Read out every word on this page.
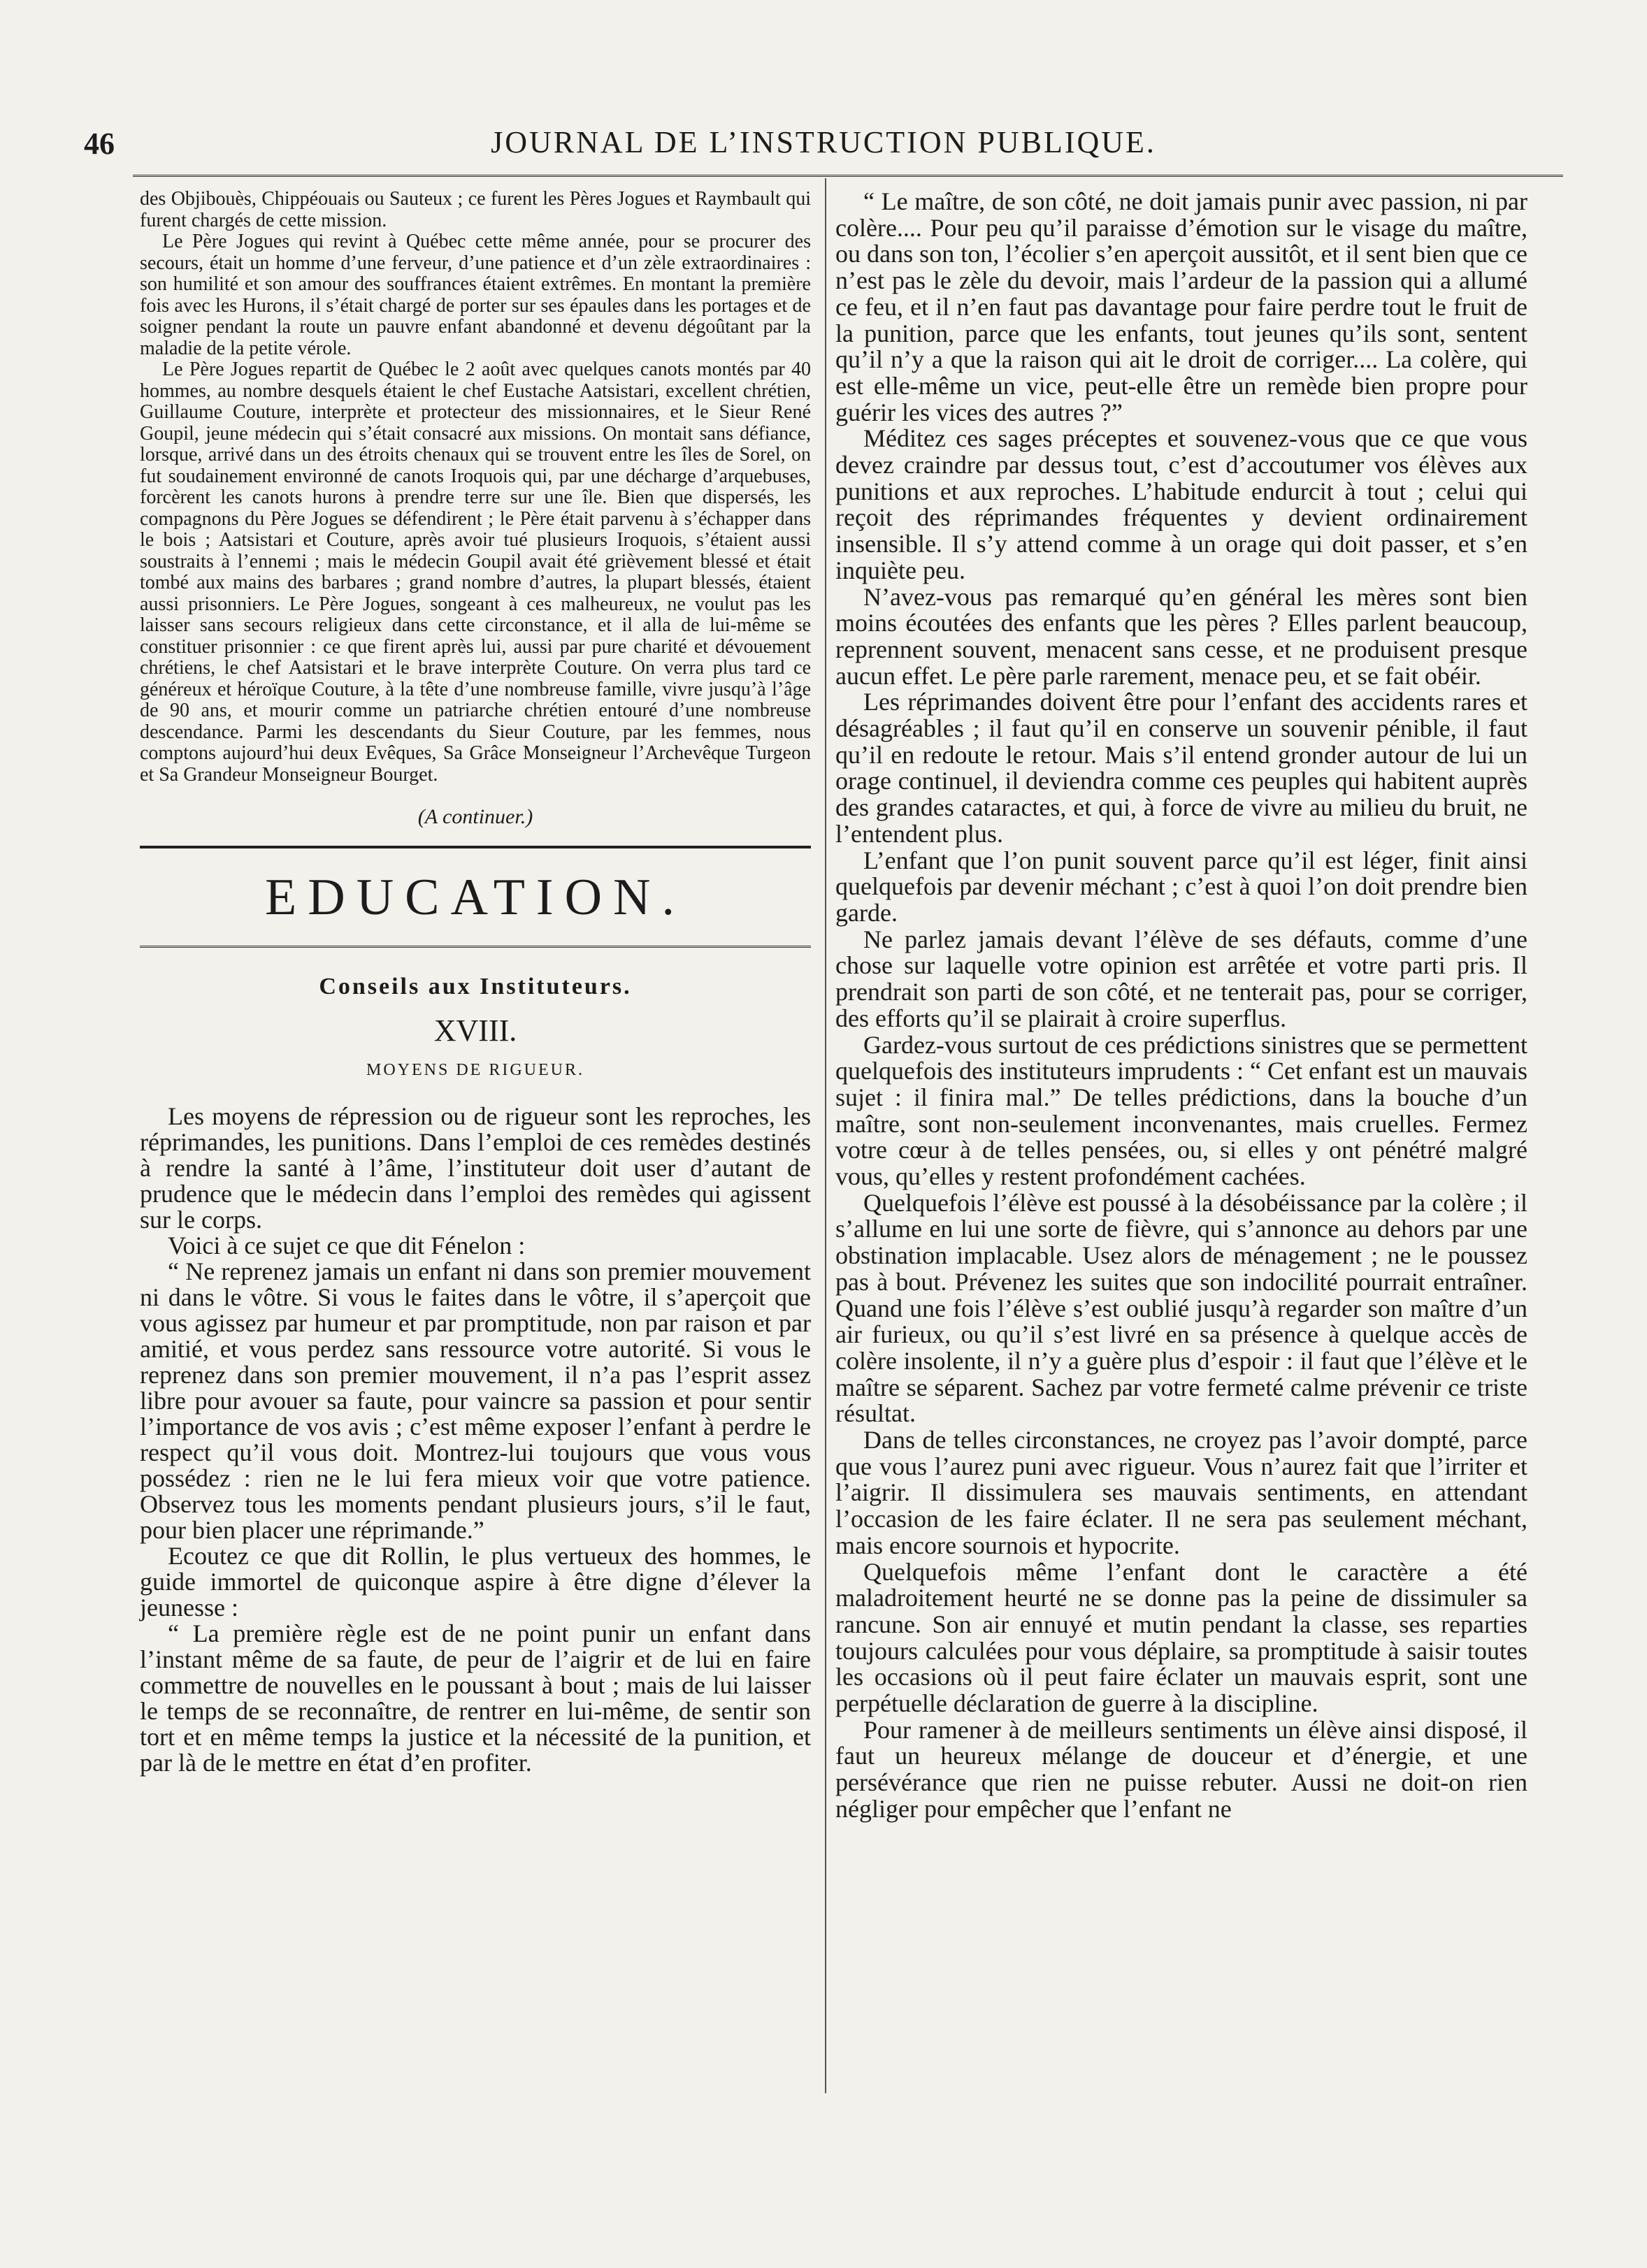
46	JOURNAL DE L’INSTRUCTION PUBLIQUE.

des Objibouès, Chippéouais ou Sauteux ; ce furent les Pères Jogues et Raymbault qui furent chargés de cette mission.

Le Père Jogues qui revint à Québec cette même année, pour se procurer des secours, était un homme d’une ferveur, d’une patience et d’un zèle extraordinaires : son humilité et son amour des souffrances étaient extrêmes. En montant la première fois avec les Hurons, il s’était chargé de porter sur ses épaules dans les portages et de soigner pendant la route un pauvre enfant abandonné et devenu dégoûtant par la maladie de la petite vérole.

Le Père Jogues repartit de Québec le 2 août avec quelques canots montés par 40 hommes, au nombre desquels étaient le chef Eustache Aatsistari, excellent chrétien, Guillaume Couture, interprète et protecteur des missionnaires, et le Sieur René Goupil, jeune médecin qui s’était consacré aux missions. On montait sans défiance, lorsque, arrivé dans un des étroits chenaux qui se trouvent entre les îles de Sorel, on fut soudainement environné de canots Iroquois qui, par une décharge d’arquebuses, forcèrent les canots hurons à prendre terre sur une île. Bien que dispersés, les compagnons du Père Jogues se défendirent ; le Père était parvenu à s’échapper dans le bois ; Aatsistari et Couture, après avoir tué plusieurs Iroquois, s’étaient aussi soustraits à l’ennemi ; mais le médecin Goupil avait été grièvement blessé et était tombé aux mains des barbares ; grand nombre d’autres, la plupart blessés, étaient aussi prisonniers. Le Père Jogues, songeant à ces malheureux, ne voulut pas les laisser sans secours religieux dans cette circonstance, et il alla de lui-même se constituer prisonnier : ce que firent après lui, aussi par pure charité et dévouement chrétiens, le chef Aatsistari et le brave interprète Couture. On verra plus tard ce généreux et héroïque Couture, à la tête d’une nombreuse famille, vivre jusqu’à l’âge de 90 ans, et mourir comme un patriarche chrétien entouré d’une nombreuse descendance. Parmi les descendants du Sieur Couture, par les femmes, nous comptons aujourd’hui deux Evêques, Sa Grâce Monseigneur l’Archevêque Turgeon et Sa Grandeur Monseigneur Bourget.

(A continuer.)
EDUCATION.
Conseils aux Instituteurs.
XVIII.
MOYENS DE RIGUEUR.

Les moyens de répression ou de rigueur sont les reproches, les réprimandes, les punitions. Dans l’emploi de ces remèdes destinés à rendre la santé à l’âme, l’instituteur doit user d’autant de prudence que le médecin dans l’emploi des remèdes qui agissent sur le corps.

Voici à ce sujet ce que dit Fénelon :

“ Ne reprenez jamais un enfant ni dans son premier mouvement ni dans le vôtre. Si vous le faites dans le vôtre, il s’aperçoit que vous agissez par humeur et par promptitude, non par raison et par amitié, et vous perdez sans ressource votre autorité. Si vous le reprenez dans son premier mouvement, il n’a pas l’esprit assez libre pour avouer sa faute, pour vaincre sa passion et pour sentir l’importance de vos avis ; c’est même exposer l’enfant à perdre le respect qu’il vous doit. Montrez-lui toujours que vous vous possédez : rien ne le lui fera mieux voir que votre patience. Observez tous les moments pendant plusieurs jours, s’il le faut, pour bien placer une réprimande.”

Ecoutez ce que dit Rollin, le plus vertueux des hommes, le guide immortel de quiconque aspire à être digne d’élever la jeunesse :

“ La première règle est de ne point punir un enfant dans l’instant même de sa faute, de peur de l’aigrir et de lui en faire commettre de nouvelles en le poussant à bout ; mais de lui laisser le temps de se reconnaître, de rentrer en lui-même, de sentir son tort et en même temps la justice et la nécessité de la punition, et par là de le mettre en état d’en profiter.

“ Le maître, de son côté, ne doit jamais punir avec passion, ni par colère.... Pour peu qu’il paraisse d’émotion sur le visage du maître, ou dans son ton, l’écolier s’en aperçoit aussitôt, et il sent bien que ce n’est pas le zèle du devoir, mais l’ardeur de la passion qui a allumé ce feu, et il n’en faut pas davantage pour faire perdre tout le fruit de la punition, parce que les enfants, tout jeunes qu’ils sont, sentent qu’il n’y a que la raison qui ait le droit de corriger.... La colère, qui est elle-même un vice, peut-elle être un remède bien propre pour guérir les vices des autres ?”

Méditez ces sages préceptes et souvenez-vous que ce que vous devez craindre par dessus tout, c’est d’accoutumer vos élèves aux punitions et aux reproches. L’habitude endurcit à tout ; celui qui reçoit des réprimandes fréquentes y devient ordinairement insensible. Il s’y attend comme à un orage qui doit passer, et s’en inquiète peu.

N’avez-vous pas remarqué qu’en général les mères sont bien moins écoutées des enfants que les pères ? Elles parlent beaucoup, reprennent souvent, menacent sans cesse, et ne produisent presque aucun effet. Le père parle rarement, menace peu, et se fait obéir.

Les réprimandes doivent être pour l’enfant des accidents rares et désagréables ; il faut qu’il en conserve un souvenir pénible, il faut qu’il en redoute le retour. Mais s’il entend gronder autour de lui un orage continuel, il deviendra comme ces peuples qui habitent auprès des grandes cataractes, et qui, à force de vivre au milieu du bruit, ne l’entendent plus.

L’enfant que l’on punit souvent parce qu’il est léger, finit ainsi quelquefois par devenir méchant ; c’est à quoi l’on doit prendre bien garde.

Ne parlez jamais devant l’élève de ses défauts, comme d’une chose sur laquelle votre opinion est arrêtée et votre parti pris. Il prendrait son parti de son côté, et ne tenterait pas, pour se corriger, des efforts qu’il se plairait à croire superflus.

Gardez-vous surtout de ces prédictions sinistres que se permettent quelquefois des instituteurs imprudents : “ Cet enfant est un mauvais sujet : il finira mal.” De telles prédictions, dans la bouche d’un maître, sont non-seulement inconvenantes, mais cruelles. Fermez votre cœur à de telles pensées, ou, si elles y ont pénétré malgré vous, qu’elles y restent profondément cachées.

Quelquefois l’élève est poussé à la désobéissance par la colère ; il s’allume en lui une sorte de fièvre, qui s’annonce au dehors par une obstination implacable. Usez alors de ménagement ; ne le poussez pas à bout. Prévenez les suites que son indocilité pourrait entraîner. Quand une fois l’élève s’est oublié jusqu’à regarder son maître d’un air furieux, ou qu’il s’est livré en sa présence à quelque accès de colère insolente, il n’y a guère plus d’espoir : il faut que l’élève et le maître se séparent. Sachez par votre fermeté calme prévenir ce triste résultat.

Dans de telles circonstances, ne croyez pas l’avoir dompté, parce que vous l’aurez puni avec rigueur. Vous n’aurez fait que l’irriter et l’aigrir. Il dissimulera ses mauvais sentiments, en attendant l’occasion de les faire éclater. Il ne sera pas seulement méchant, mais encore sournois et hypocrite.

Quelquefois même l’enfant dont le caractère a été maladroitement heurté ne se donne pas la peine de dissimuler sa rancune. Son air ennuyé et mutin pendant la classe, ses reparties toujours calculées pour vous déplaire, sa promptitude à saisir toutes les occasions où il peut faire éclater un mauvais esprit, sont une perpétuelle déclaration de guerre à la discipline.

Pour ramener à de meilleurs sentiments un élève ainsi disposé, il faut un heureux mélange de douceur et d’énergie, et une persévérance que rien ne puisse rebuter. Aussi ne doit-on rien négliger pour empêcher que l’enfant ne
